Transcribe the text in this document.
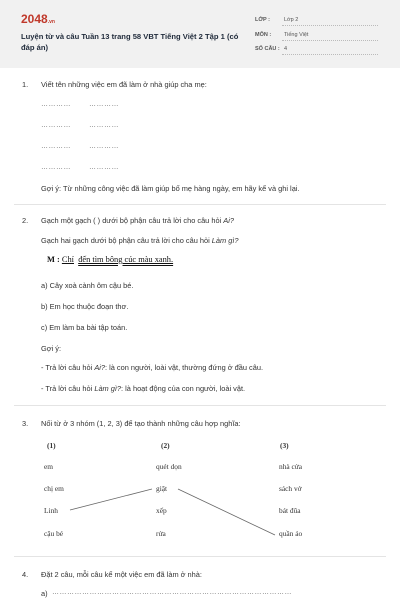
2048.vn
Luyện từ và câu Tuần 13 trang 58 VBT Tiếng Việt 2 Tập 1 (có đáp án)
LỚP :	Lớp 2
MÔN : Tiếng Việt
SỐ CÂU : 4
1. Viết tên những việc em đã làm ở nhà giúp cha mẹ:
…………	…………
…………	…………
…………	…………
…………	…………
Gợi ý: Từ những công việc đã làm giúp bố mẹ hàng ngày, em hãy kể và ghi lại.
2. Gạch một gạch ( ) dưới bộ phận câu trả lời cho câu hỏi Ai?
Gạch hai gạch dưới bộ phận câu trả lời cho câu hỏi Làm gì?
M : Chí đến tìm bông cúc màu xanh.
a) Cây xoà cành ôm cậu bé.
b) Em học thuộc đoạn thơ.
c) Em làm ba bài tập toán.
Gợi ý:
- Trả lời câu hỏi Ai?: là con người, loài vật, thường đứng ở đầu câu.
- Trả lời câu hỏi Làm gì?: là hoạt động của con người, loài vật.
3. Nối từ ở 3 nhóm (1, 2, 3) để tạo thành những câu hợp nghĩa:
(1)	(2)	(3)
em
chị em
Linh
cậu bé
quét dọn
giặt
xếp
rửa
nhà cửa
sách vở
bát đũa
quần áo
4. Đặt 2 câu, mỗi câu kể một việc em đã làm ở nhà:
a) ……………………………………………………………………………………
